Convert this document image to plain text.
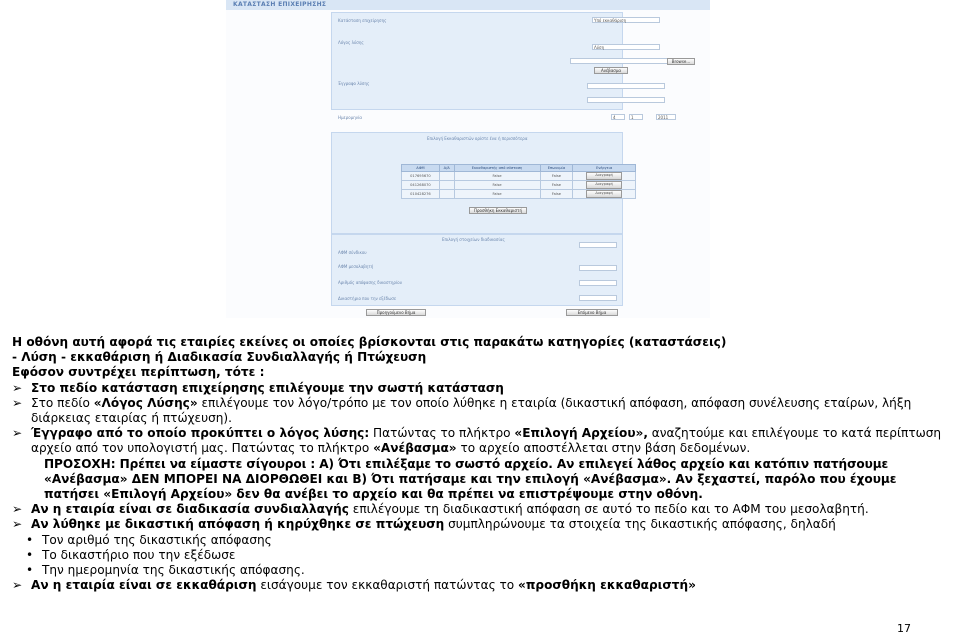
ΚΑΤΑΣΤΑΣΗ ΕΠΙΧΕΙΡΗΣΗΣ
Κατάσταση επιχείρησης	Υπό εκκαθάριση
Λόγος λύσης
Λύση
Browse...
Ανέβασμα
Έγγραφο λύσης
Ημερομηνία	4	1	2011
Επιλογή Εκκαθαριστών ορίστε ένα ή περισσότερα
Προσθήκη Εκκαθαριστή
ΑΦΜ	Α/Α	Εκκαθαριστής από σύσταση	Επωνυμία	Ενέργεια
017695670		False	False	Διαγραφή
041268070		False	False	Διαγραφή
010428276		False	False	Διαγραφή
Επιλογή στοιχείων διαδικασίας
ΑΦΜ σύνδικου
ΑΦΜ μεσολαβητή
Αριθμός απόφασης δικαστηρίου
Δικαστήριο που την εξέδωσε
Προηγούμενο Βήμα	Επόμενο Βήμα
Η οθόνη αυτή αφορά τις εταιρίες εκείνες οι οποίες βρίσκονται στις παρακάτω κατηγορίες (καταστάσεις)
- Λύση - εκκαθάριση ή Διαδικασία Συνδιαλλαγής ή Πτώχευση
Εφόσον συντρέχει περίπτωση, τότε :
➢ Στο πεδίο κατάσταση επιχείρησης επιλέγουμε την σωστή κατάσταση
➢ Στο πεδίο «Λόγος Λύσης» επιλέγουμε τον λόγο/τρόπο με τον οποίο λύθηκε η εταιρία (δικαστική απόφαση, απόφαση συνέλευσης εταίρων, λήξη
διάρκειας εταιρίας ή πτώχευση).
➢ Έγγραφο από το οποίο προκύπτει ο λόγος λύσης: Πατώντας το πλήκτρο «Επιλογή Αρχείου», αναζητούμε και επιλέγουμε το κατά περίπτωση
αρχείο από τον υπολογιστή μας. Πατώντας το πλήκτρο «Ανέβασμα» το αρχείο αποστέλλεται στην βάση δεδομένων.
ΠΡΟΣΟΧΗ: Πρέπει να είμαστε σίγουροι : Α) Ότι επιλέξαμε το σωστό αρχείο. Αν επιλεγεί λάθος αρχείο και κατόπιν πατήσουμε
«Ανέβασμα» ΔΕΝ ΜΠΟΡΕΙ ΝΑ ΔΙΟΡΘΩΘΕΙ και Β) Ότι πατήσαμε και την επιλογή «Ανέβασμα». Αν ξεχαστεί, παρόλο που έχουμε
πατήσει «Επιλογή Αρχείου» δεν θα ανέβει το αρχείο και θα πρέπει να επιστρέψουμε στην οθόνη.
➢ Αν η εταιρία είναι σε διαδικασία συνδιαλλαγής επιλέγουμε τη διαδικαστική απόφαση σε αυτό το πεδίο και το ΑΦΜ του μεσολαβητή.
➢ Αν λύθηκε με δικαστική απόφαση ή κηρύχθηκε σε πτώχευση συμπληρώνουμε τα στοιχεία της δικαστικής απόφασης, δηλαδή
• Τον αριθμό της δικαστικής απόφασης
• Το δικαστήριο που την εξέδωσε
• Την ημερομηνία της δικαστικής απόφασης.
➢ Αν η εταιρία είναι σε εκκαθάριση εισάγουμε τον εκκαθαριστή πατώντας το «προσθήκη εκκαθαριστή»
17
